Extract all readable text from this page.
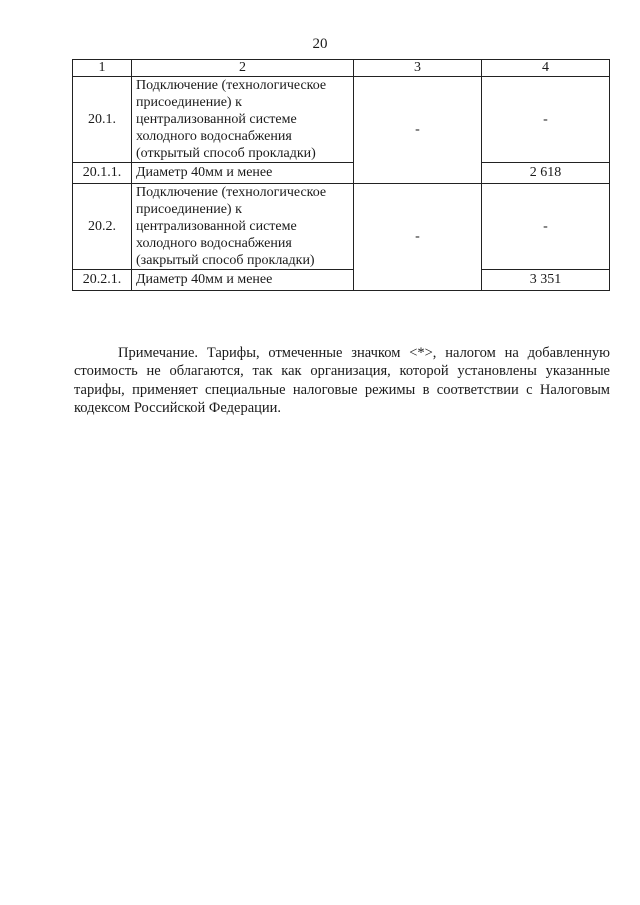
20
1	2	3	4
20.1.	Подключение (технологическое присоединение) к централизованной системе холодного водоснабжения (открытый способ прокладки)	-	-
20.1.1.	Диаметр 40мм и менее		2 618
20.2.	Подключение (технологическое присоединение) к централизованной системе холодного водоснабжения (закрытый способ прокладки)	-	-
20.2.1.	Диаметр 40мм и менее		3 351

Примечание. Тарифы, отмеченные значком <*>, налогом на добавленную стоимость не облагаются, так как организация, которой установлены указанные тарифы, применяет специальные налоговые режимы в соответствии с Налоговым кодексом Российской Федерации.
